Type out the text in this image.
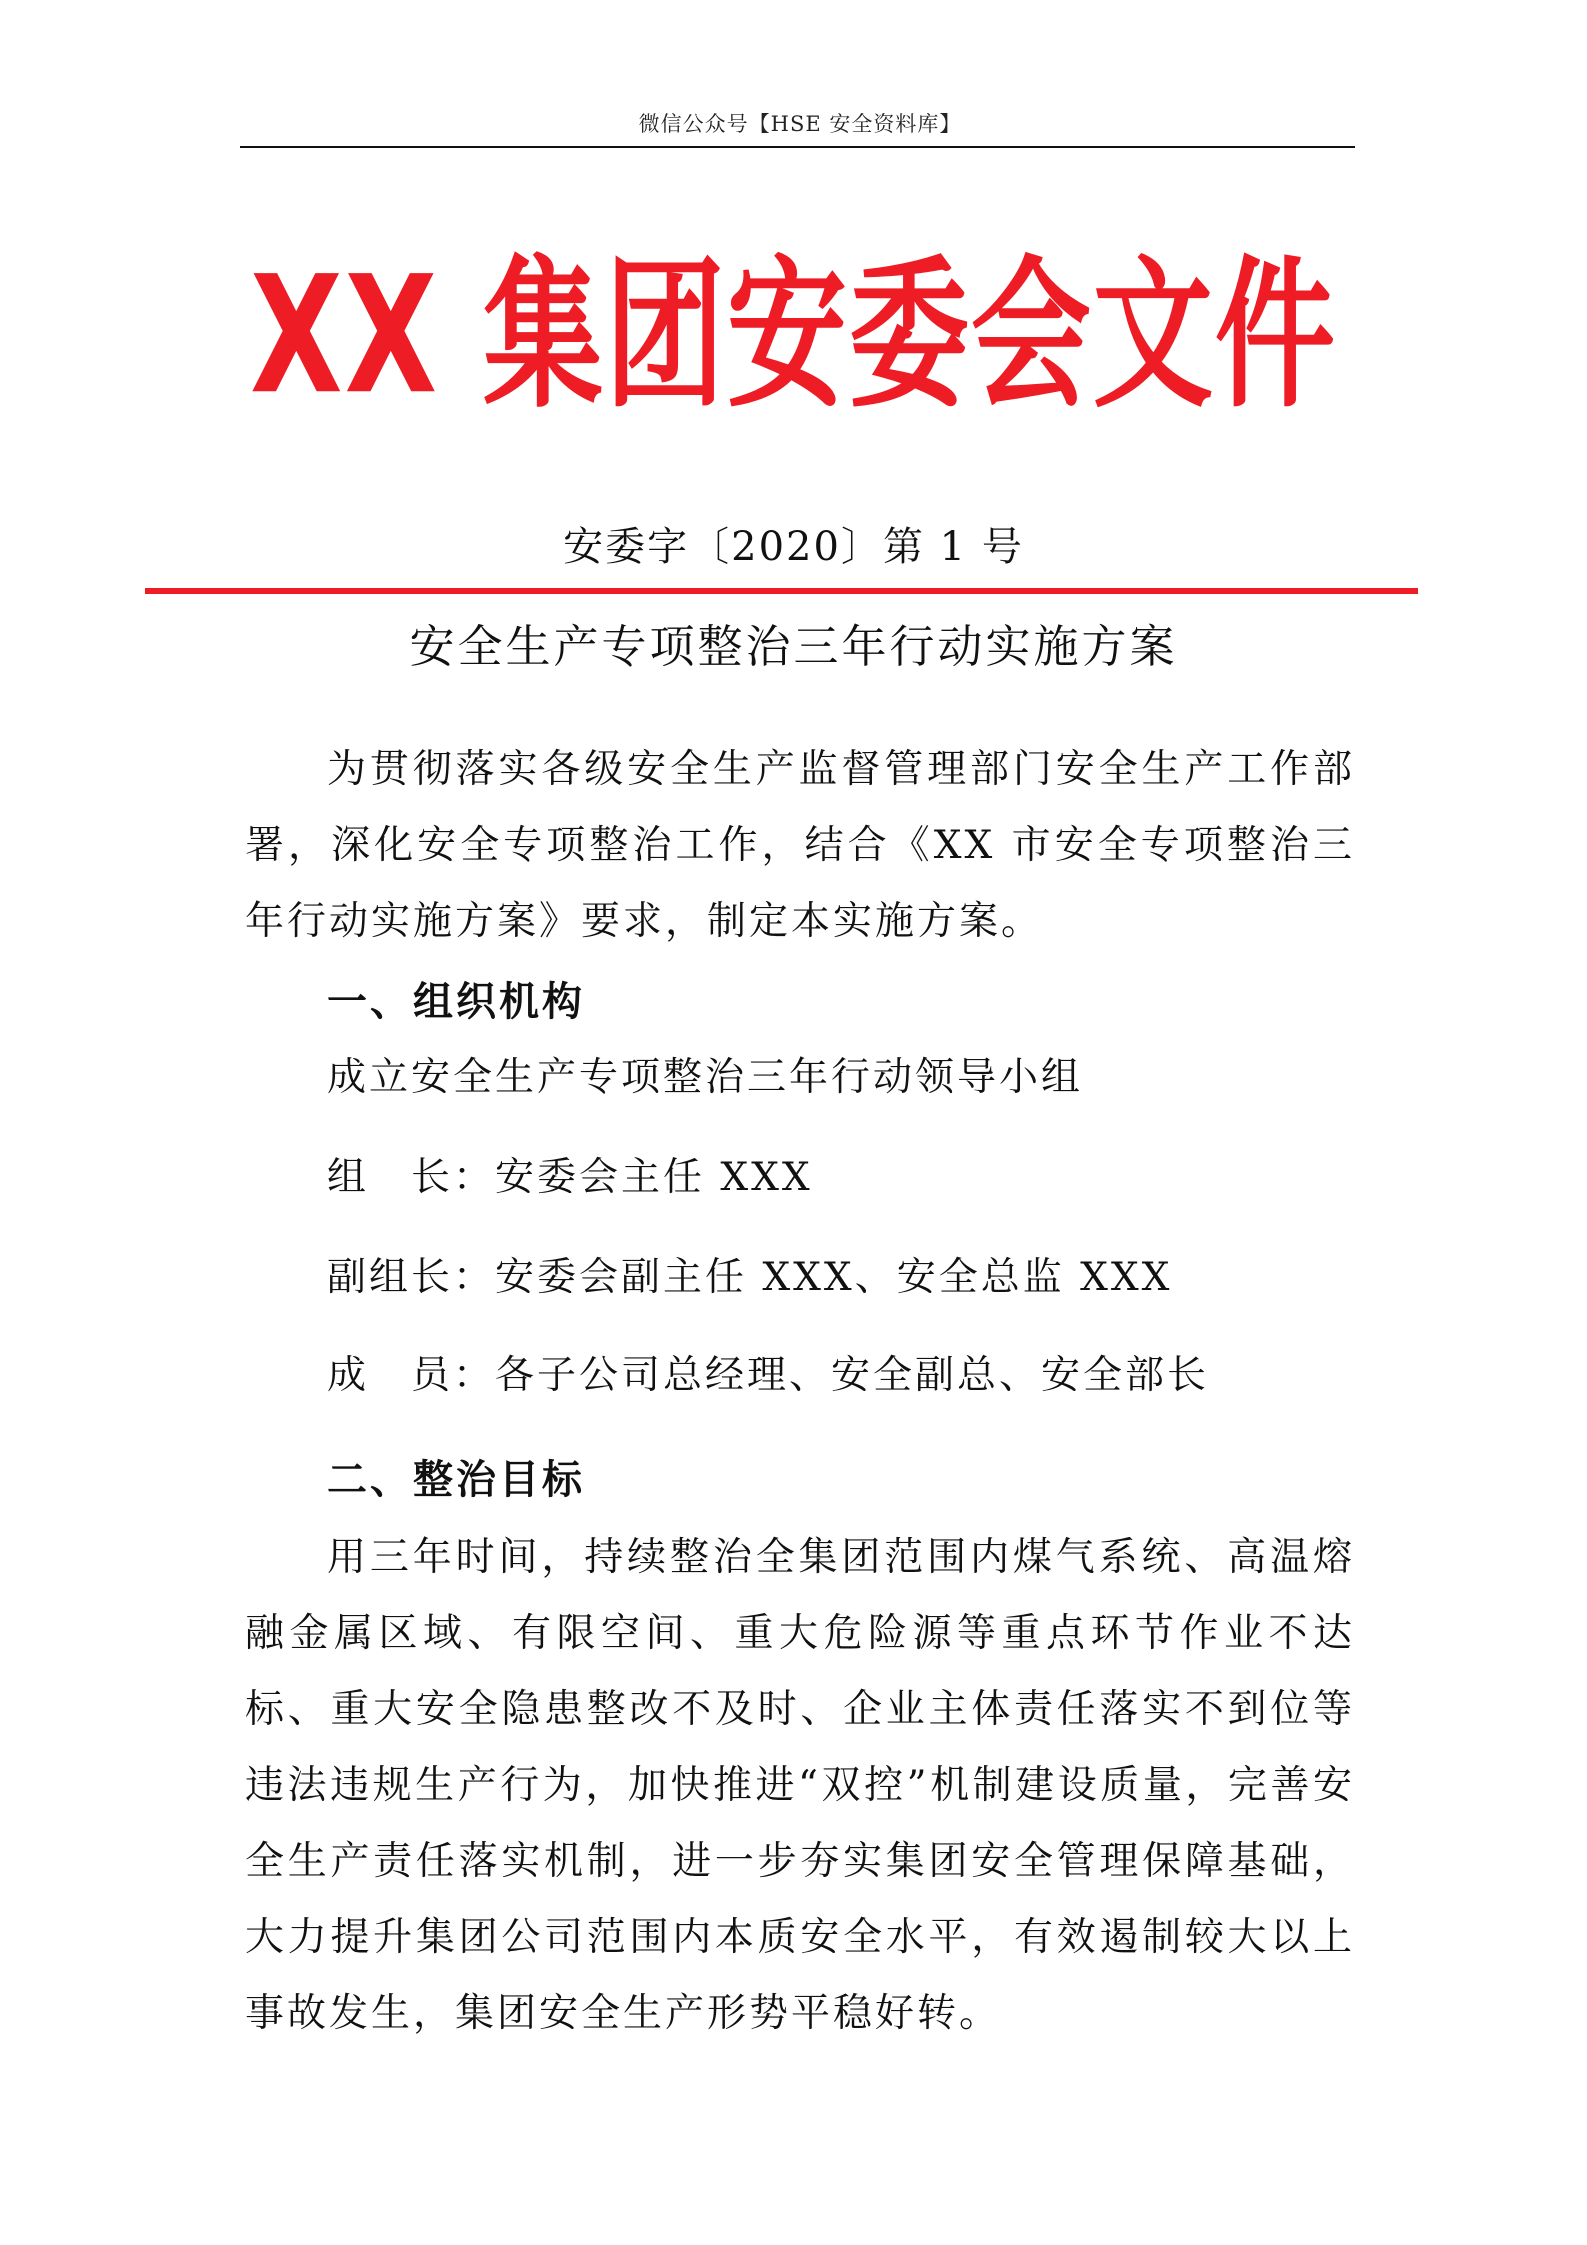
微信公众号【HSE 安全资料库】
XX 集团安委会文件
安委字〔2020〕第 1 号
安全生产专项整治三年行动实施方案

为贯彻落实各级安全生产监督管理部门安全生产工作部署，深化安全专项整治工作，结合《XX 市安全专项整治三年行动实施方案》要求，制定本实施方案。

一、组织机构
成立安全生产专项整治三年行动领导小组
组　长：安委会主任 XXX
副组长：安委会副主任 XXX、安全总监 XXX
成　员：各子公司总经理、安全副总、安全部长
二、整治目标

用三年时间，持续整治全集团范围内煤气系统、高温熔融金属区域、有限空间、重大危险源等重点环节作业不达标、重大安全隐患整改不及时、企业主体责任落实不到位等违法违规生产行为，加快推进“双控”机制建设质量，完善安全生产责任落实机制，进一步夯实集团安全管理保障基础，大力提升集团公司范围内本质安全水平，有效遏制较大以上事故发生，集团安全生产形势平稳好转。
